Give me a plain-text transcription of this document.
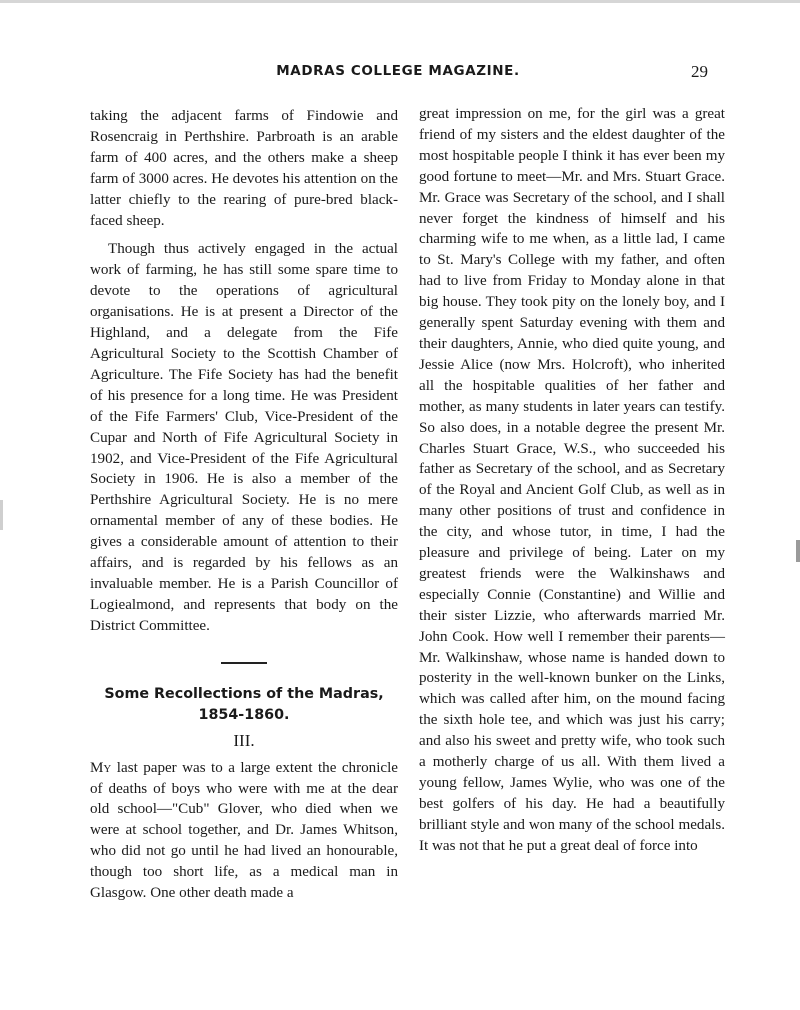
MADRAS COLLEGE MAGAZINE.	29

taking the adjacent farms of Findowie and Rosencraig in Perthshire. Parbroath is an arable farm of 400 acres, and the others make a sheep farm of 3000 acres. He devotes his attention on the latter chiefly to the rearing of pure-bred black-faced sheep.

Though thus actively engaged in the actual work of farming, he has still some spare time to devote to the operations of agricultural organisations. He is at present a Director of the Highland, and a delegate from the Fife Agricultural Society to the Scottish Chamber of Agriculture. The Fife Society has had the benefit of his presence for a long time. He was President of the Fife Farmers' Club, Vice-President of the Cupar and North of Fife Agricultural Society in 1902, and Vice-President of the Fife Agricultural Society in 1906. He is also a member of the Perthshire Agricultural Society. He is no mere ornamental member of any of these bodies. He gives a considerable amount of attention to their affairs, and is regarded by his fellows as an invaluable member. He is a Parish Councillor of Logiealmond, and represents that body on the District Committee.

Some Recollections of the Madras,

1854-1860.

III.

My last paper was to a large extent the chronicle of deaths of boys who were with me at the dear old school—"Cub" Glover, who died when we were at school together, and Dr. James Whitson, who did not go until he had lived an honourable, though too short life, as a medical man in Glasgow. One other death made a

great impression on me, for the girl was a great friend of my sisters and the eldest daughter of the most hospitable people I think it has ever been my good fortune to meet—Mr. and Mrs. Stuart Grace. Mr. Grace was Secretary of the school, and I shall never forget the kindness of himself and his charming wife to me when, as a little lad, I came to St. Mary's College with my father, and often had to live from Friday to Monday alone in that big house. They took pity on the lonely boy, and I generally spent Saturday evening with them and their daughters, Annie, who died quite young, and Jessie Alice (now Mrs. Holcroft), who inherited all the hospitable qualities of her father and mother, as many students in later years can testify. So also does, in a notable degree the present Mr. Charles Stuart Grace, W.S., who succeeded his father as Secretary of the school, and as Secretary of the Royal and Ancient Golf Club, as well as in many other positions of trust and confidence in the city, and whose tutor, in time, I had the pleasure and privilege of being. Later on my greatest friends were the Walkinshaws and especially Connie (Constantine) and Willie and their sister Lizzie, who afterwards married Mr. John Cook. How well I remember their parents—Mr. Walkinshaw, whose name is handed down to posterity in the well-known bunker on the Links, which was called after him, on the mound facing the sixth hole tee, and which was just his carry; and also his sweet and pretty wife, who took such a motherly charge of us all. With them lived a young fellow, James Wylie, who was one of the best golfers of his day. He had a beautifully brilliant style and won many of the school medals. It was not that he put a great deal of force into
